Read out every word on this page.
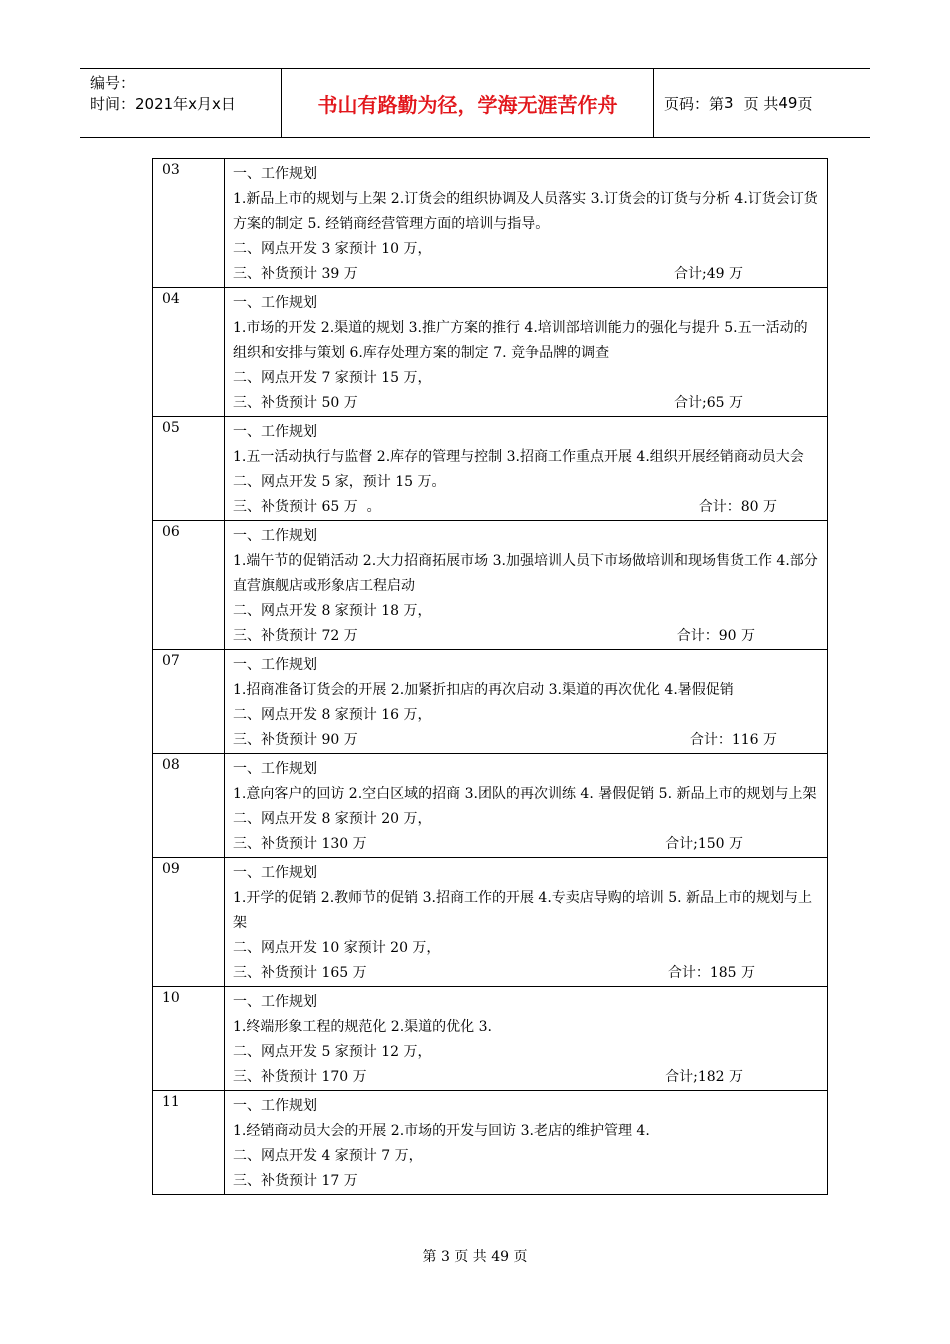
编号：
时间：2021年x月x日	书山有路勤为径，学海无涯苦作舟	页码：第 3 页 共 49 页
03	一、工作规划
1.新品上市的规划与上架 2.订货会的组织协调及人员落实 3.订货会的订货与分析 4.订货会订货方案的制定 5. 经销商经营管理方面的培训与指导。
二、网点开发 3 家预计 10 万，
三、补货预计 39 万 合计;49 万

04	一、工作规划
1.市场的开发 2.渠道的规划 3.推广方案的推行 4.培训部培训能力的强化与提升 5.五一活动的组织和安排与策划 6.库存处理方案的制定 7. 竞争品牌的调查
二、网点开发 7 家预计 15 万，
三、补货预计 50 万 合计;65 万

05	一、工作规划
1.五一活动执行与监督 2.库存的管理与控制 3.招商工作重点开展 4.组织开展经销商动员大会
二、网点开发 5 家，预计 15 万。
三、补货预计 65 万  。 合计：80 万

06	一、工作规划
1.端午节的促销活动 2.大力招商拓展市场 3.加强培训人员下市场做培训和现场售货工作 4.部分直营旗舰店或形象店工程启动
二、网点开发 8 家预计 18 万，
三、补货预计 72 万 合计：90 万

07	一、工作规划
1.招商准备订货会的开展 2.加紧折扣店的再次启动 3.渠道的再次优化 4.暑假促销
二、网点开发 8 家预计 16 万，
三、补货预计 90 万 合计：116 万

08	一、工作规划
1.意向客户的回访 2.空白区域的招商 3.团队的再次训练 4. 暑假促销 5. 新品上市的规划与上架
二、网点开发 8 家预计 20 万，
三、补货预计 130 万 合计;150 万

09	一、工作规划
1.开学的促销 2.教师节的促销 3.招商工作的开展 4.专卖店导购的培训 5. 新品上市的规划与上架
二、网点开发 10 家预计 20 万，
三、补货预计 165 万 合计：185 万

10	一、工作规划
1.终端形象工程的规范化 2.渠道的优化 3.
二、网点开发 5 家预计 12 万，
三、补货预计 170 万 合计;182 万

11	一、工作规划
1.经销商动员大会的开展 2.市场的开发与回访 3.老店的维护管理 4.
二、网点开发 4 家预计 7 万，
三、补货预计 17 万
第 3 页 共 49 页
